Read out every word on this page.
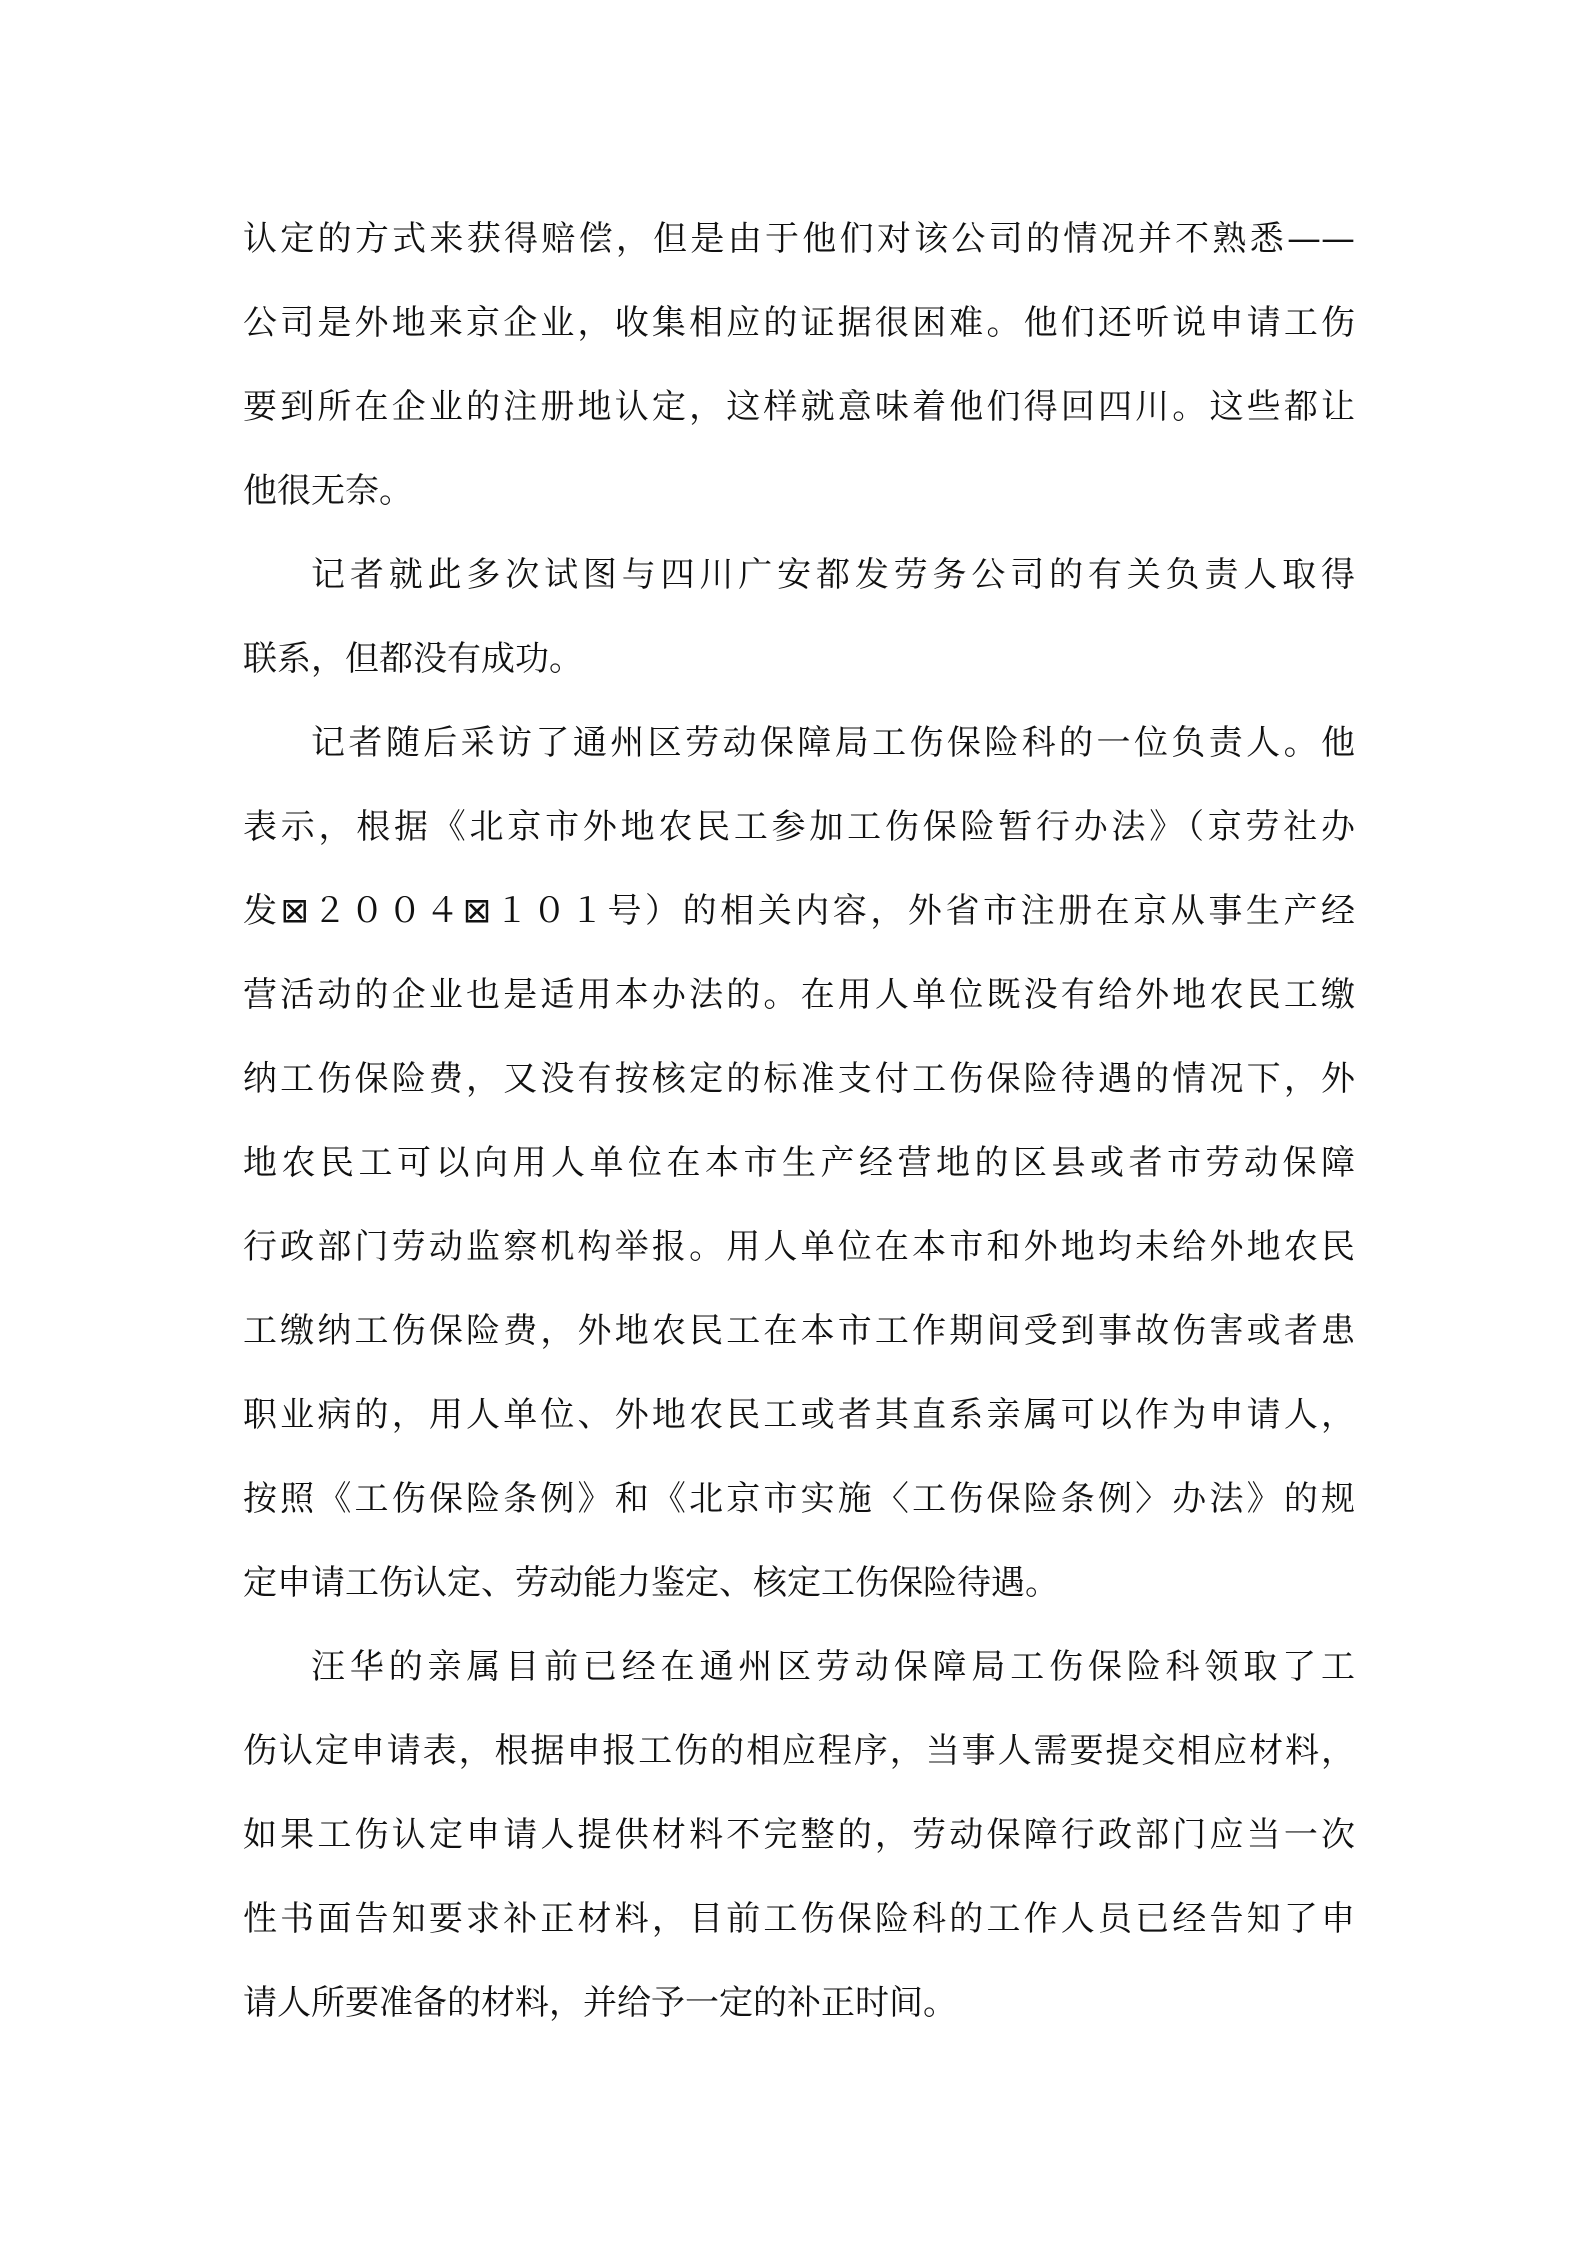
认定的方式来获得赔偿，但是由于他们对该公司的情况并不熟悉——
公司是外地来京企业，收集相应的证据很困难。他们还听说申请工伤
要到所在企业的注册地认定，这样就意味着他们得回四川。这些都让
他很无奈。
记者就此多次试图与四川广安都发劳务公司的有关负责人取得
联系，但都没有成功。
记者随后采访了通州区劳动保障局工伤保险科的一位负责人。他
表示，根据《北京市外地农民工参加工伤保险暂行办法》（京劳社办
发⊠２００４⊠１０１号）的相关内容，外省市注册在京从事生产经
营活动的企业也是适用本办法的。在用人单位既没有给外地农民工缴
纳工伤保险费，又没有按核定的标准支付工伤保险待遇的情况下，外
地农民工可以向用人单位在本市生产经营地的区县或者市劳动保障
行政部门劳动监察机构举报。用人单位在本市和外地均未给外地农民
工缴纳工伤保险费，外地农民工在本市工作期间受到事故伤害或者患
职业病的，用人单位、外地农民工或者其直系亲属可以作为申请人，
按照《工伤保险条例》和《北京市实施〈工伤保险条例〉办法》的规
定申请工伤认定、劳动能力鉴定、核定工伤保险待遇。
汪华的亲属目前已经在通州区劳动保障局工伤保险科领取了工
伤认定申请表，根据申报工伤的相应程序，当事人需要提交相应材料，
如果工伤认定申请人提供材料不完整的，劳动保障行政部门应当一次
性书面告知要求补正材料，目前工伤保险科的工作人员已经告知了申
请人所要准备的材料，并给予一定的补正时间。
